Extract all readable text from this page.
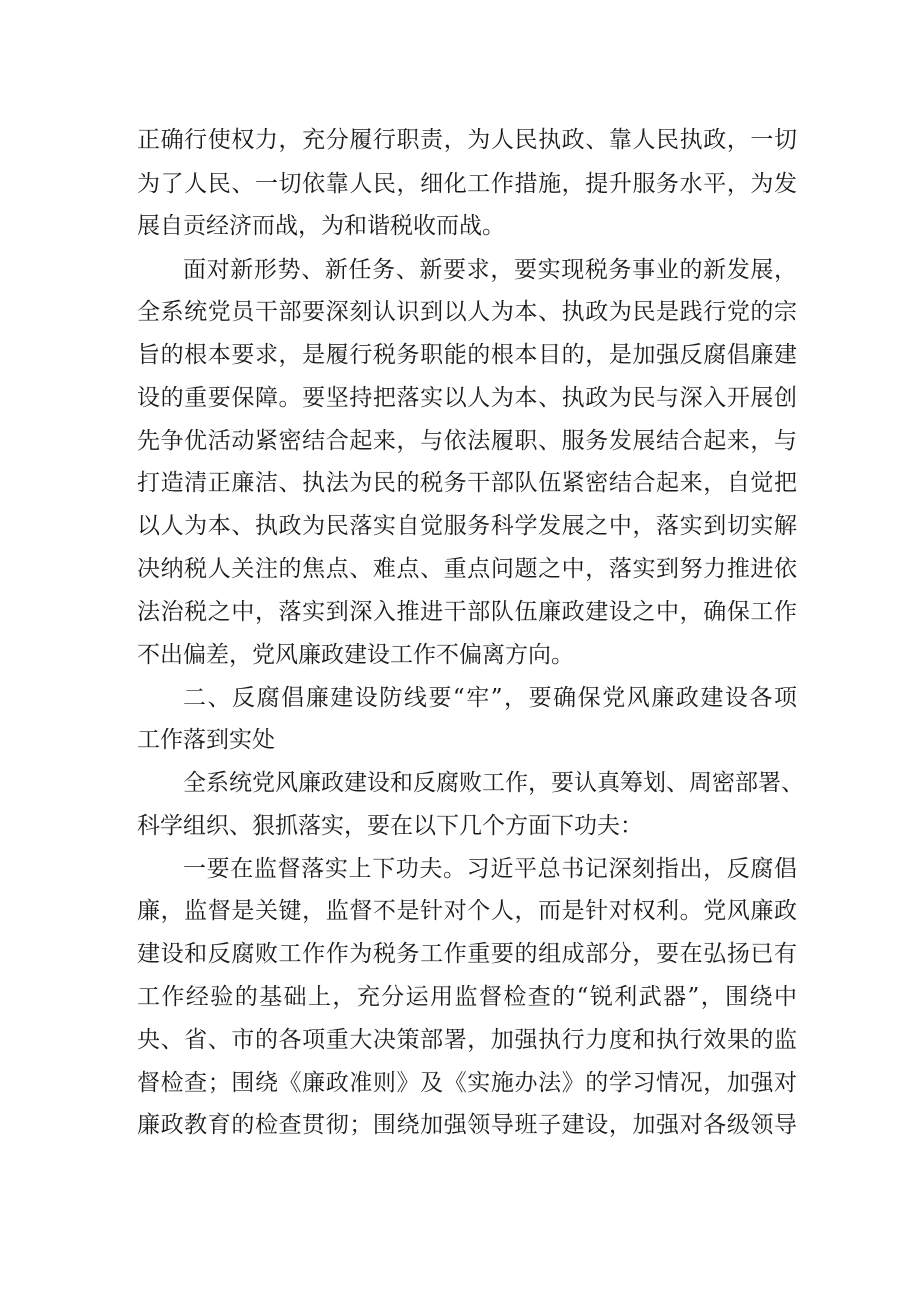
正确行使权力，充分履行职责，为人民执政、靠人民执政，一切
为了人民、一切依靠人民，细化工作措施，提升服务水平，为发
展自贡经济而战，为和谐税收而战。
面对新形势、新任务、新要求，要实现税务事业的新发展，
全系统党员干部要深刻认识到以人为本、执政为民是践行党的宗
旨的根本要求，是履行税务职能的根本目的，是加强反腐倡廉建
设的重要保障。要坚持把落实以人为本、执政为民与深入开展创
先争优活动紧密结合起来，与依法履职、服务发展结合起来，与
打造清正廉洁、执法为民的税务干部队伍紧密结合起来，自觉把
以人为本、执政为民落实自觉服务科学发展之中，落实到切实解
决纳税人关注的焦点、难点、重点问题之中，落实到努力推进依
法治税之中，落实到深入推进干部队伍廉政建设之中，确保工作
不出偏差，党风廉政建设工作不偏离方向。
二、反腐倡廉建设防线要“牢”，要确保党风廉政建设各项
工作落到实处
全系统党风廉政建设和反腐败工作，要认真筹划、周密部署、
科学组织、狠抓落实，要在以下几个方面下功夫：
一要在监督落实上下功夫。习近平总书记深刻指出，反腐倡
廉，监督是关键，监督不是针对个人，而是针对权利。党风廉政
建设和反腐败工作作为税务工作重要的组成部分，要在弘扬已有
工作经验的基础上，充分运用监督检查的“锐利武器”，围绕中
央、省、市的各项重大决策部署，加强执行力度和执行效果的监
督检查；围绕《廉政准则》及《实施办法》的学习情况，加强对
廉政教育的检查贯彻；围绕加强领导班子建设，加强对各级领导
